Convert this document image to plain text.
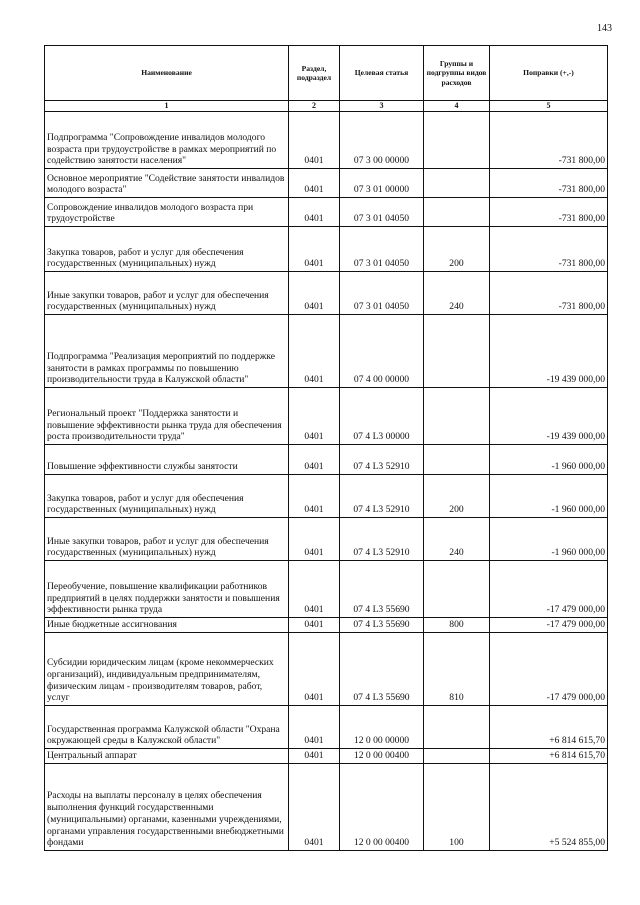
143
Наименование	Раздел, подраздел	Целевая статья	Группы и подгруппы видов расходов	Поправки (+,-)
1	2	3	4	5
Подпрограмма "Сопровождение инвалидов молодого возраста при трудоустройстве в рамках мероприятий по содействию занятости населения"	0401	07 3 00 00000		-731 800,00
Основное мероприятие "Содействие занятости инвалидов молодого возраста"	0401	07 3 01 00000		-731 800,00
Сопровождение инвалидов молодого возраста при трудоустройстве	0401	07 3 01 04050		-731 800,00
Закупка товаров, работ и услуг для обеспечения государственных (муниципальных) нужд	0401	07 3 01 04050	200	-731 800,00
Иные закупки товаров, работ и услуг для обеспечения государственных (муниципальных) нужд	0401	07 3 01 04050	240	-731 800,00
Подпрограмма "Реализация мероприятий по поддержке занятости в рамках программы по повышению производительности труда в Калужской области"	0401	07 4 00 00000		-19 439 000,00
Региональный проект "Поддержка занятости и повышение эффективности рынка труда для обеспечения роста производительности труда"	0401	07 4 L3 00000		-19 439 000,00
Повышение эффективности службы занятости	0401	07 4 L3 52910		-1 960 000,00
Закупка товаров, работ и услуг для обеспечения государственных (муниципальных) нужд	0401	07 4 L3 52910	200	-1 960 000,00
Иные закупки товаров, работ и услуг для обеспечения государственных (муниципальных) нужд	0401	07 4 L3 52910	240	-1 960 000,00
Переобучение, повышение квалификации работников предприятий в целях поддержки занятости и повышения эффективности рынка труда	0401	07 4 L3 55690		-17 479 000,00
Иные бюджетные ассигнования	0401	07 4 L3 55690	800	-17 479 000,00
Субсидии юридическим лицам (кроме некоммерческих организаций), индивидуальным предпринимателям, физическим лицам - производителям товаров, работ, услуг	0401	07 4 L3 55690	810	-17 479 000,00
Государственная программа Калужской области "Охрана окружающей среды в Калужской области"	0401	12 0 00 00000		+6 814 615,70
Центральный аппарат	0401	12 0 00 00400		+6 814 615,70
Расходы на выплаты персоналу в целях обеспечения выполнения функций государственными (муниципальными) органами, казенными учреждениями, органами управления государственными внебюджетными фондами	0401	12 0 00 00400	100	+5 524 855,00
